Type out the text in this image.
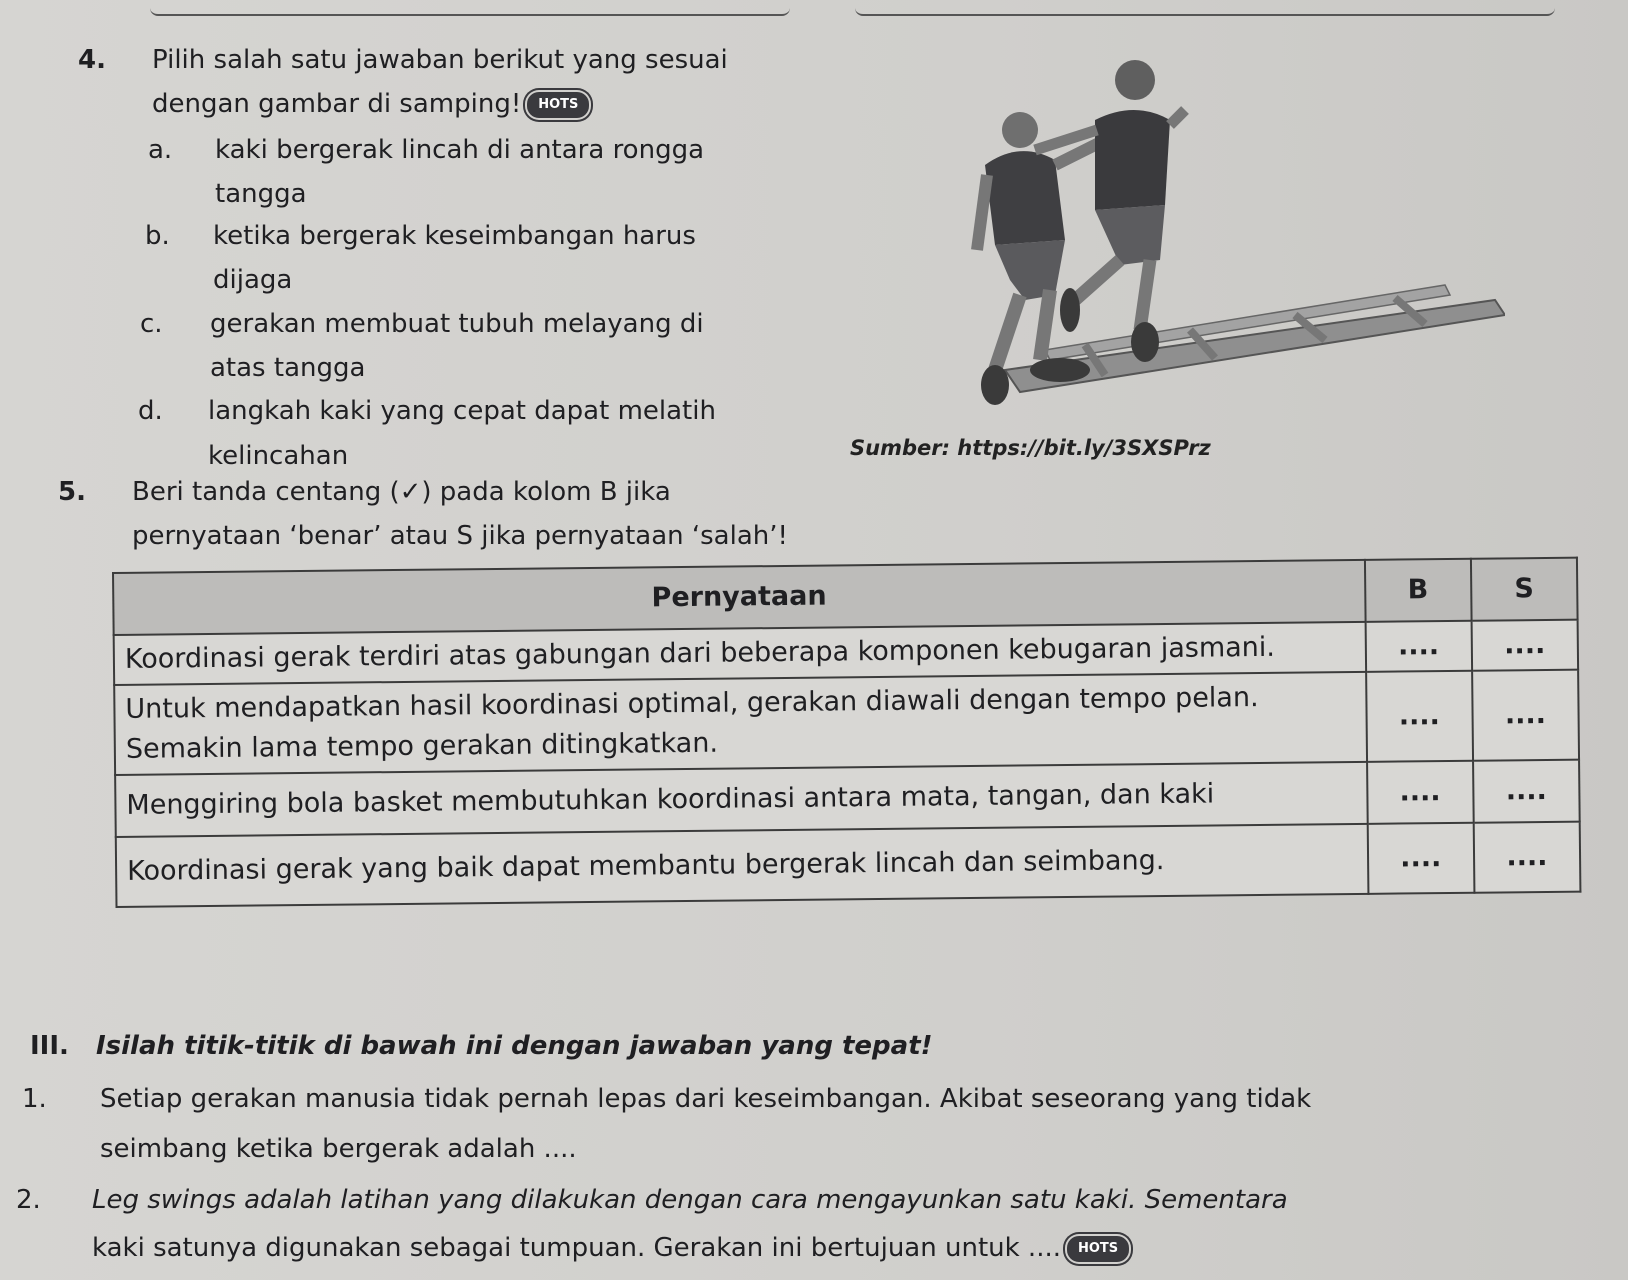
4. Pilih salah satu jawaban berikut yang sesuai
dengan gambar di samping! HOTS
a. kaki bergerak lincah di antara rongga
tangga
b. ketika bergerak keseimbangan harus
dijaga
c. gerakan membuat tubuh melayang di
atas tangga
d. langkah kaki yang cepat dapat melatih
kelincahan	Sumber: https://bit.ly/3SXSPrz
5. Beri tanda centang (✓) pada kolom B jika
pernyataan ‘benar’ atau S jika pernyataan ‘salah’!
Pernyataan	B	S
Koordinasi gerak terdiri atas gabungan dari beberapa komponen kebugaran jasmani.	....	....
Untuk mendapatkan hasil koordinasi optimal, gerakan diawali dengan tempo pelan. Semakin lama tempo gerakan ditingkatkan.	....	....
Menggiring bola basket membutuhkan koordinasi antara mata, tangan, dan kaki	....	....
Koordinasi gerak yang baik dapat membantu bergerak lincah dan seimbang.	....	....
III. Isilah titik-titik di bawah ini dengan jawaban yang tepat!
1. Setiap gerakan manusia tidak pernah lepas dari keseimbangan. Akibat seseorang yang tidak
seimbang ketika bergerak adalah ....
2. Leg swings adalah latihan yang dilakukan dengan cara mengayunkan satu kaki. Sementara
kaki satunya digunakan sebagai tumpuan. Gerakan ini bertujuan untuk .... HOTS
